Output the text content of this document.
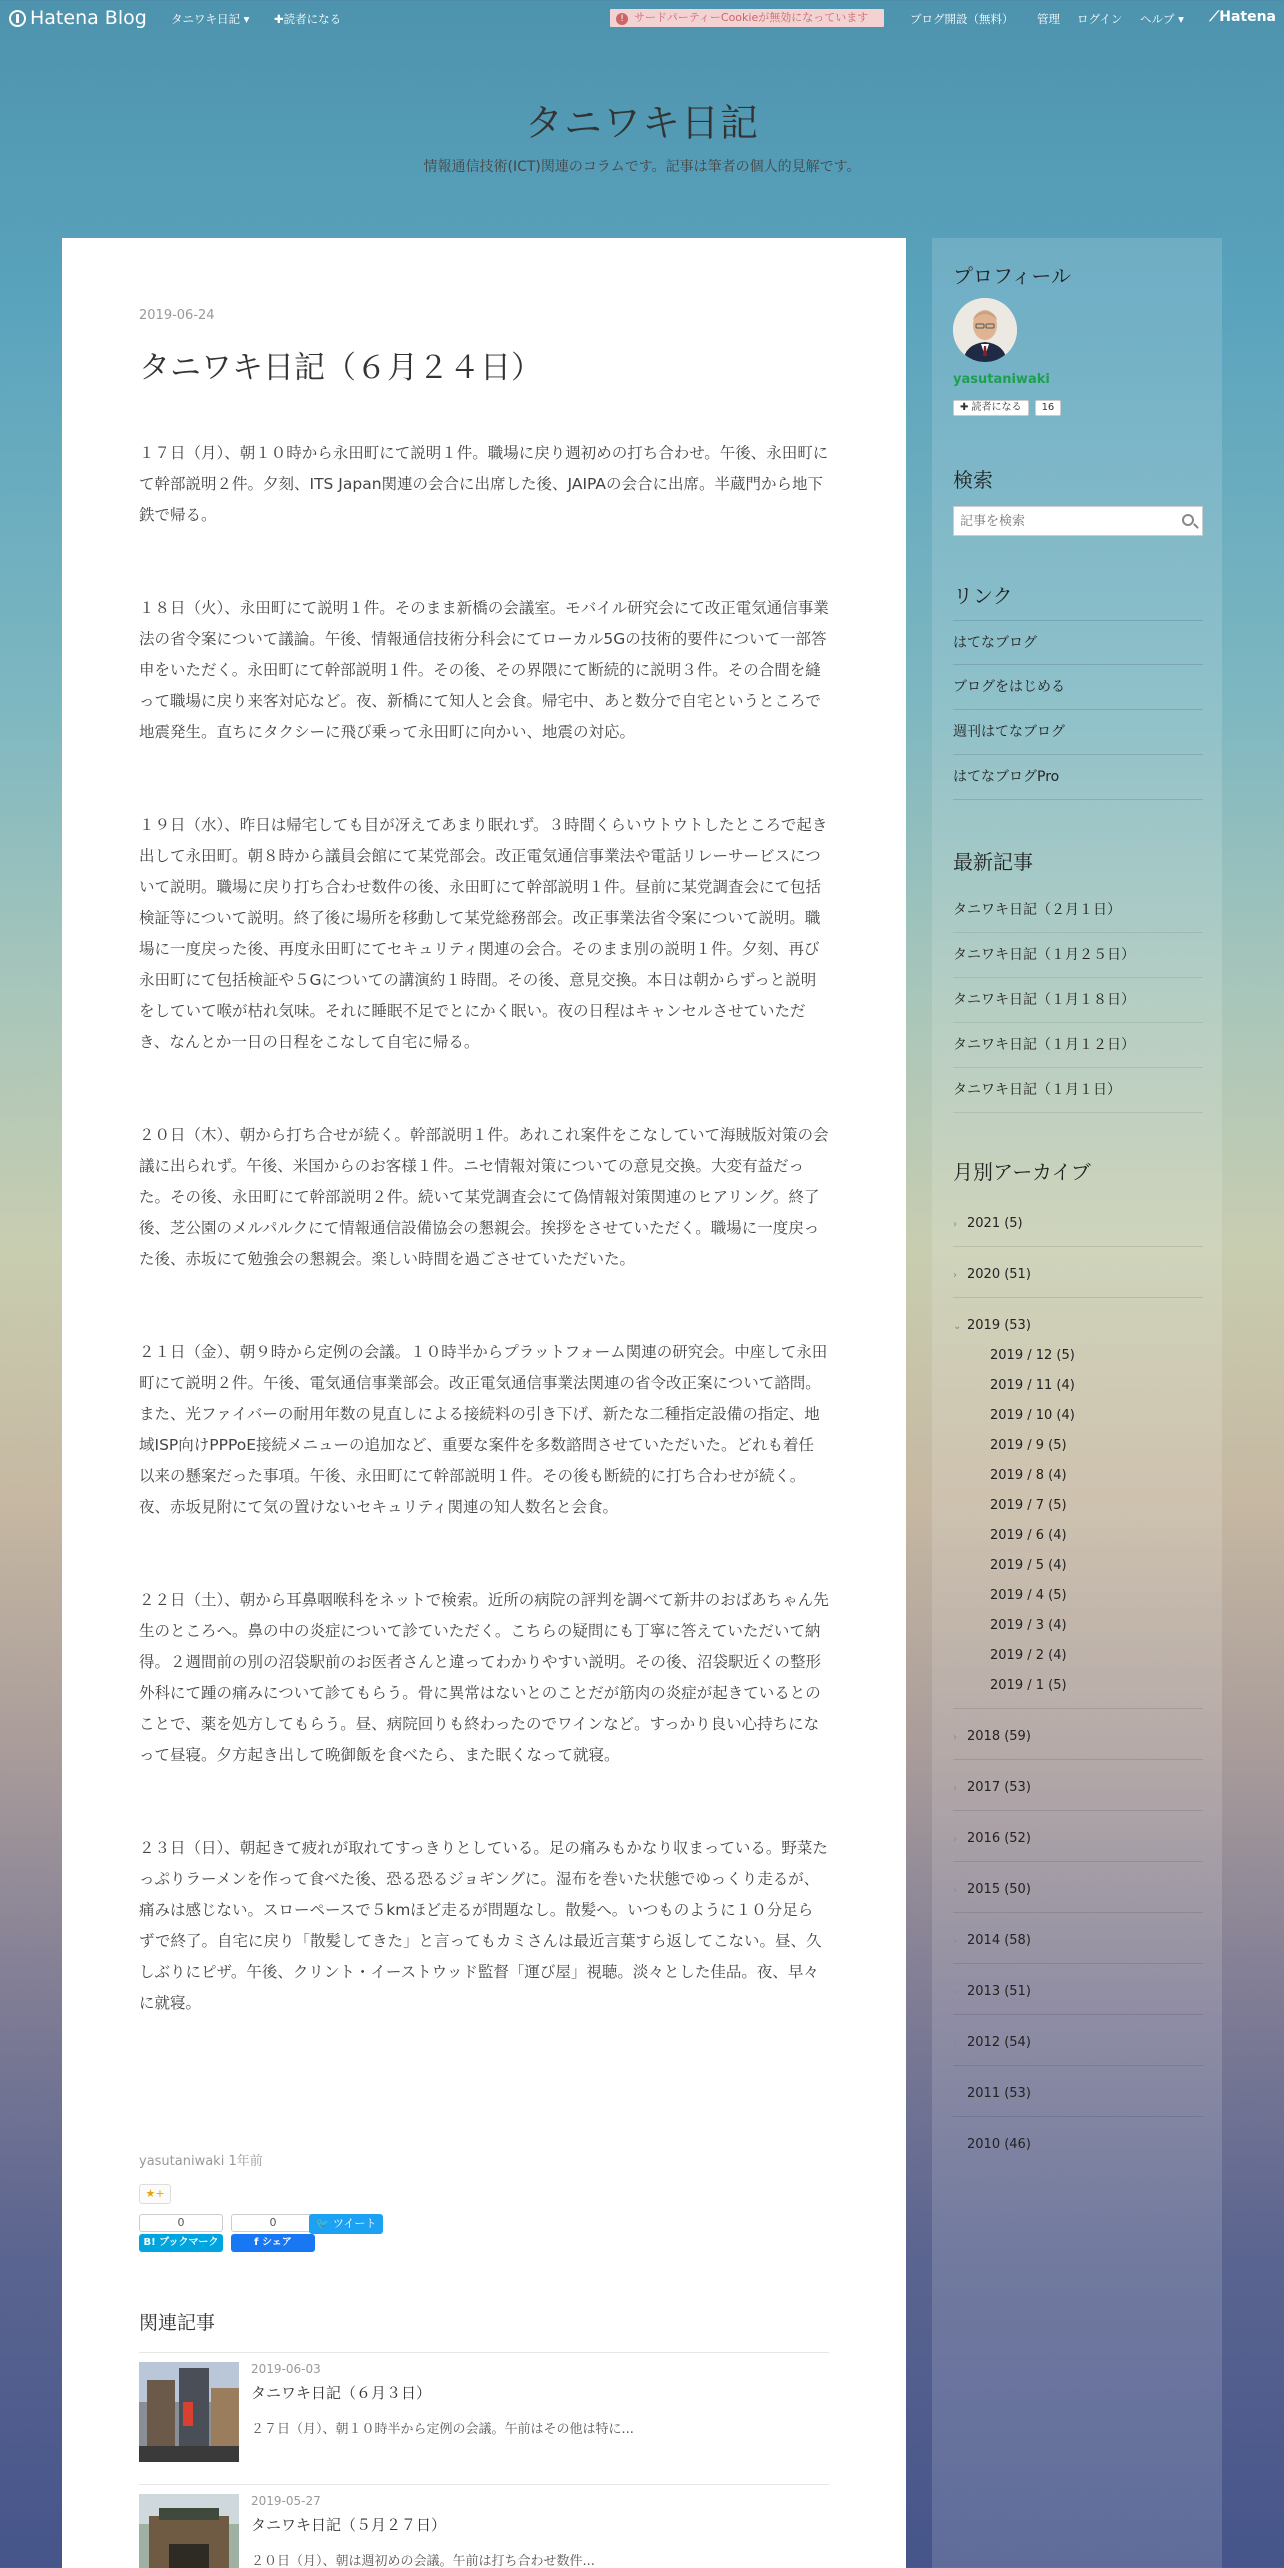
Hatena Blog タニワキ日記 ▾ ✚読者になる	! サードパーティーCookieが無効になっています	ブログ開設（無料） 管理 ログイン ヘルプ ▾ ⟋Hatena
タニワキ日記
情報通信技術(ICT)関連のコラムです。記事は筆者の個人的見解です。
2019-06-24
タニワキ日記（６月２４日）

１７日（月）、朝１０時から永田町にて説明１件。職場に戻り週初めの打ち合わせ。午後、永田町にて幹部説明２件。夕刻、ITS Japan関連の会合に出席した後、JAIPAの会合に出席。半蔵門から地下鉄で帰る。

１８日（火）、永田町にて説明１件。そのまま新橋の会議室。モバイル研究会にて改正電気通信事業法の省令案について議論。午後、情報通信技術分科会にてローカル5Gの技術的要件について一部答申をいただく。永田町にて幹部説明１件。その後、その界隈にて断続的に説明３件。その合間を縫って職場に戻り来客対応など。夜、新橋にて知人と会食。帰宅中、あと数分で自宅というところで地震発生。直ちにタクシーに飛び乗って永田町に向かい、地震の対応。

１９日（水）、昨日は帰宅しても目が冴えてあまり眠れず。３時間くらいウトウトしたところで起き出して永田町。朝８時から議員会館にて某党部会。改正電気通信事業法や電話リレーサービスについて説明。職場に戻り打ち合わせ数件の後、永田町にて幹部説明１件。昼前に某党調査会にて包括検証等について説明。終了後に場所を移動して某党総務部会。改正事業法省令案について説明。職場に一度戻った後、再度永田町にてセキュリティ関連の会合。そのまま別の説明１件。夕刻、再び永田町にて包括検証や５Gについての講演約１時間。その後、意見交換。本日は朝からずっと説明をしていて喉が枯れ気味。それに睡眠不足でとにかく眠い。夜の日程はキャンセルさせていただき、なんとか一日の日程をこなして自宅に帰る。

２０日（木）、朝から打ち合せが続く。幹部説明１件。あれこれ案件をこなしていて海賊版対策の会議に出られず。午後、米国からのお客様１件。ニセ情報対策についての意見交換。大変有益だった。その後、永田町にて幹部説明２件。続いて某党調査会にて偽情報対策関連のヒアリング。終了後、芝公園のメルパルクにて情報通信設備協会の懇親会。挨拶をさせていただく。職場に一度戻った後、赤坂にて勉強会の懇親会。楽しい時間を過ごさせていただいた。

２１日（金）、朝９時から定例の会議。１０時半からプラットフォーム関連の研究会。中座して永田町にて説明２件。午後、電気通信事業部会。改正電気通信事業法関連の省令改正案について諮問。また、光ファイバーの耐用年数の見直しによる接続料の引き下げ、新たな二種指定設備の指定、地域ISP向けPPPoE接続メニューの追加など、重要な案件を多数諮問させていただいた。どれも着任以来の懸案だった事項。午後、永田町にて幹部説明１件。その後も断続的に打ち合わせが続く。夜、赤坂見附にて気の置けないセキュリティ関連の知人数名と会食。

２２日（土）、朝から耳鼻咽喉科をネットで検索。近所の病院の評判を調べて新井のおばあちゃん先生のところへ。鼻の中の炎症について診ていただく。こちらの疑問にも丁寧に答えていただいて納得。２週間前の別の沼袋駅前のお医者さんと違ってわかりやすい説明。その後、沼袋駅近くの整形外科にて踵の痛みについて診てもらう。骨に異常はないとのことだが筋肉の炎症が起きているとのことで、薬を処方してもらう。昼、病院回りも終わったのでワインなど。すっかり良い心持ちになって昼寝。夕方起き出して晩御飯を食べたら、また眠くなって就寝。

２３日（日）、朝起きて疲れが取れてすっきりとしている。足の痛みもかなり収まっている。野菜たっぷりラーメンを作って食べた後、恐る恐るジョギングに。湿布を巻いた状態でゆっくり走るが、痛みは感じない。スローペースで５kmほど走るが問題なし。散髪へ。いつものように１０分足らずで終了。自宅に戻り「散髪してきた」と言ってもカミさんは最近言葉すら返してこない。昼、久しぶりにピザ。午後、クリント・イーストウッド監督「運び屋」視聴。淡々とした佳品。夜、早々に就寝。

yasutaniwaki 1年前
★+
0
B! ブックマーク
0
f シェア
🐦 ツイート
関連記事
2019-06-03
タニワキ日記（６月３日）
２７日（月）、朝１０時半から定例の会議。午前はその他は特に...
2019-05-27
タニワキ日記（５月２７日）
２０日（月）、朝は週初めの会議。午前は打ち合わせ数件...
プロフィール
yasutaniwaki
✚ 読者になる	16
検索
記事を検索
リンク
はてなブログ
ブログをはじめる
週刊はてなブログ
はてなブログPro
最新記事
タニワキ日記（２月１日）
タニワキ日記（１月２５日）
タニワキ日記（１月１８日）
タニワキ日記（１月１２日）
タニワキ日記（１月１日）
月別アーカイブ
› 2021 (5)
› 2020 (51)
⌄ 2019 (53)
2019 / 12 (5)
2019 / 11 (4)
2019 / 10 (4)
2019 / 9 (5)
2019 / 8 (4)
2019 / 7 (5)
2019 / 6 (4)
2019 / 5 (4)
2019 / 4 (5)
2019 / 3 (4)
2019 / 2 (4)
2019 / 1 (5)
› 2018 (59)
› 2017 (53)
› 2016 (52)
› 2015 (50)
› 2014 (58)
› 2013 (51)
› 2012 (54)
› 2011 (53)
› 2010 (46)
